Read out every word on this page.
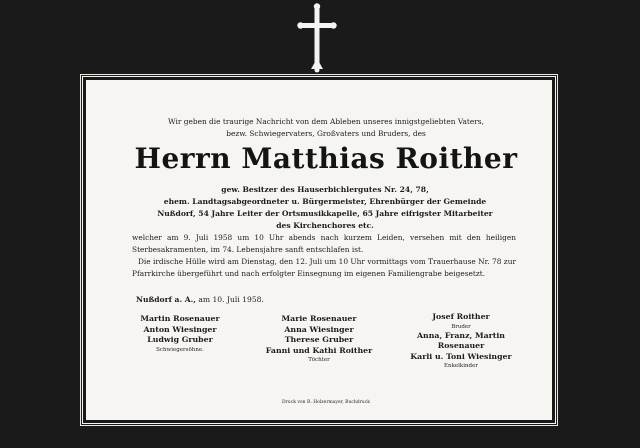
Wir geben die traurige Nachricht von dem Ableben unseres innigstgeliebten Vaters,
bezw. Schwiegervaters, Großvaters und Bruders, des
Herrn Matthias Roither
gew. Besitzer des Hauserbichlergutes Nr. 24, 78,
ehem. Landtagsabgeordneter u. Bürgermeister, Ehrenbürger der Gemeinde
Nußdorf, 54 Jahre Leiter der Ortsmusikkapelle, 65 Jahre eifrigster Mitarbeiter
des Kirchenchores etc.

welcher am 9. Juli 1958 um 10 Uhr abends nach kurzem Leiden, versehen mit den heiligen Sterbesakramenten, im 74. Lebensjahre sanft entschlafen ist.

Die irdische Hülle wird am Dienstag, den 12. Juli um 10 Uhr vormittags vom Trauerhause Nr. 78 zur Pfarrkirche übergeführt und nach erfolgter Einsegnung im eigenen Familiengrabe beigesetzt.

Nußdorf a. A., am 10. Juli 1958.
Martin Rosenauer
Anton Wiesinger
Ludwig Gruber
Schwiegersöhne.
Marie Rosenauer
Anna Wiesinger
Therese Gruber
Fanni und Kathi Roither
Töchter
Josef Roither
Bruder
Anna, Franz, Martin
Rosenauer
Karli u. Toni Wiesinger
Enkelkinder
Druck von R. Holzermayer, Buchdruck
